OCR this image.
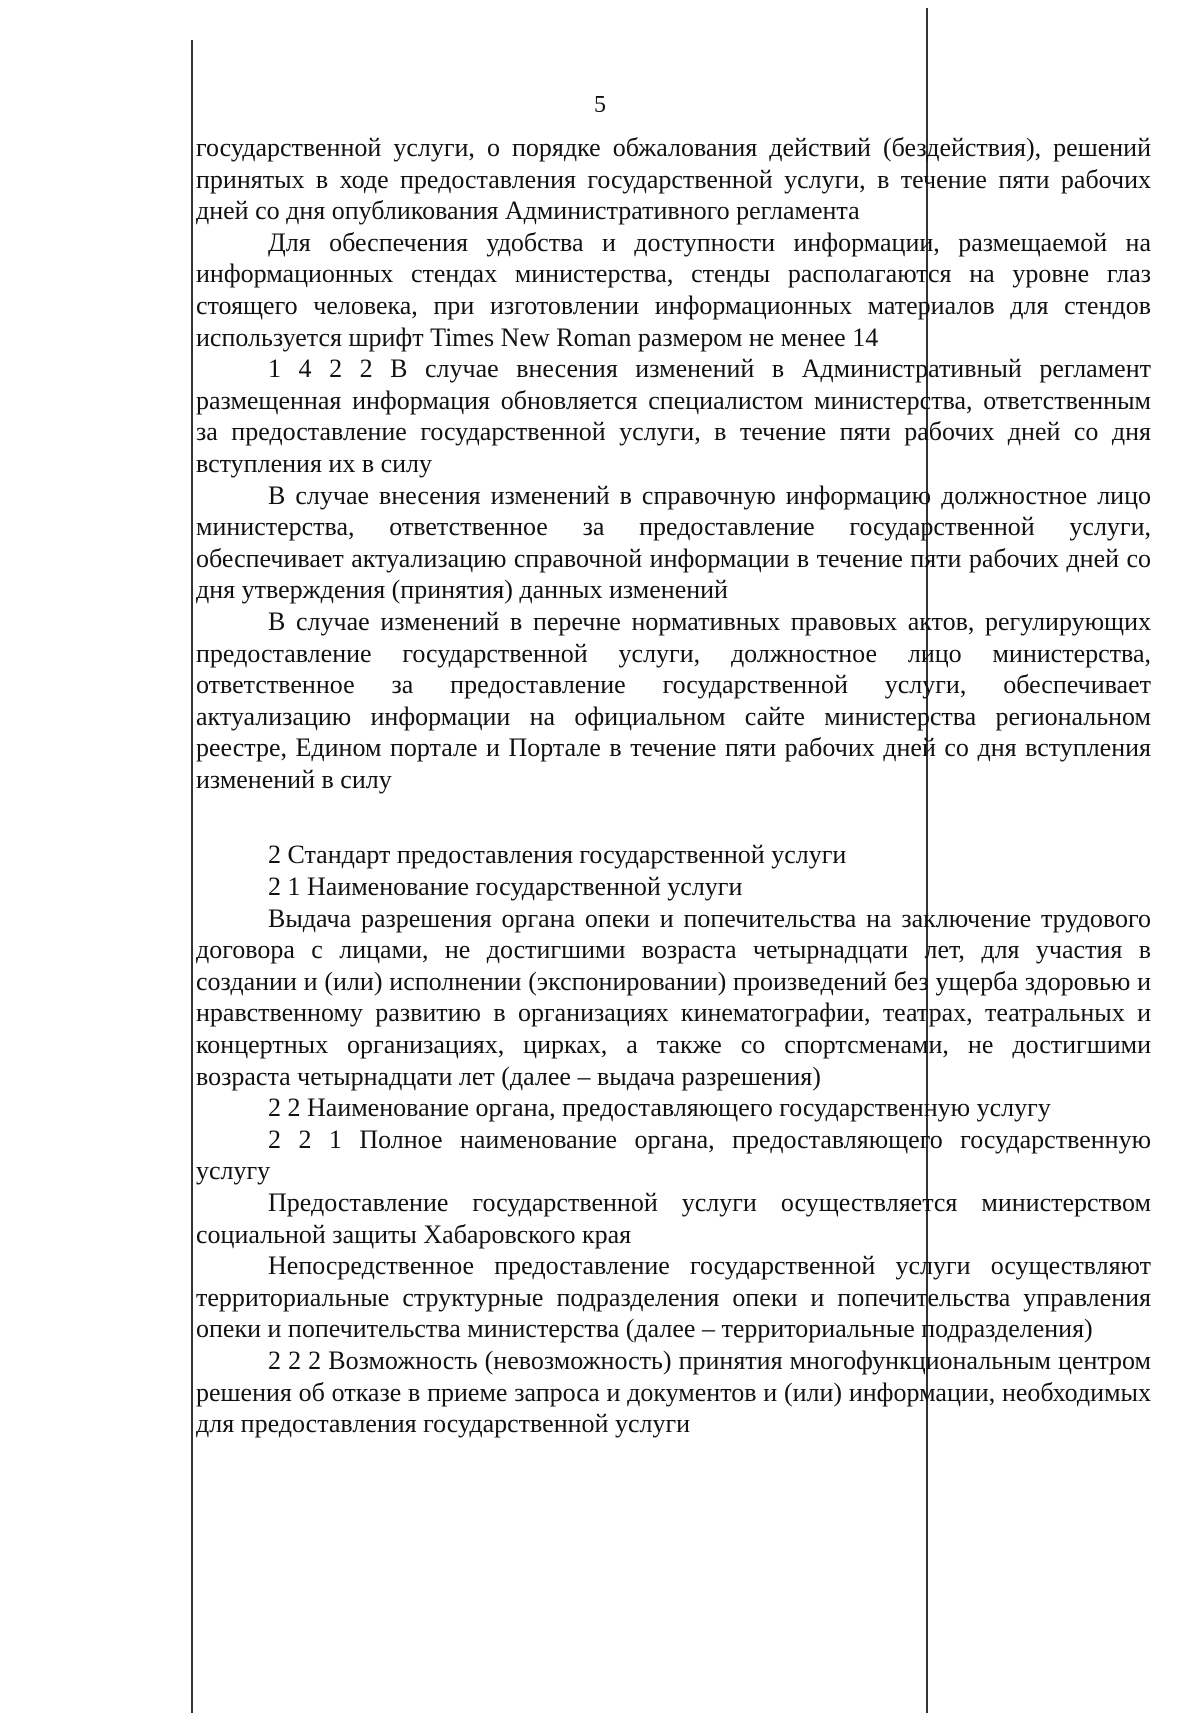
5

государственной услуги, о порядке обжалования действий (бездействия), решений принятых в ходе предоставления государственной услуги, в течение пяти рабочих дней со дня опубликования Административного регламента

Для обеспечения удобства и доступности информации, размещаемой на информационных стендах министерства, стенды располагаются на уровне глаз стоящего человека, при изготовлении информационных материалов для стендов используется шрифт Times New Roman размером не менее 14

1 4 2 2 В случае внесения изменений в Административный регламент размещенная информация обновляется специалистом министерства, ответственным за предоставление государственной услуги, в течение пяти рабочих дней со дня вступления их в силу

В случае внесения изменений в справочную информацию должностное лицо министерства, ответственное за предоставление государственной услуги, обеспечивает актуализацию справочной информации в течение пяти рабочих дней со дня утверждения (принятия) данных изменений

В случае изменений в перечне нормативных правовых актов, регулирующих предоставление государственной услуги, должностное лицо министерства, ответственное за предоставление государственной услуги, обеспечивает актуализацию информации на официальном сайте министерства региональном реестре, Едином портале и Портале в течение пяти рабочих дней со дня вступления изменений в силу

2 Стандарт предоставления государственной услуги

2 1 Наименование государственной услуги

Выдача разрешения органа опеки и попечительства на заключение трудового договора с лицами, не достигшими возраста четырнадцати лет, для участия в создании и (или) исполнении (экспонировании) произведений без ущерба здоровью и нравственному развитию в организациях кинематографии, театрах, театральных и концертных организациях, цирках, а также со спортсменами, не достигшими возраста четырнадцати лет (далее – выдача разрешения)

2 2 Наименование органа, предоставляющего государственную услугу

2 2 1 Полное наименование органа, предоставляющего государственную услугу

Предоставление государственной услуги осуществляется министерством социальной защиты Хабаровского края

Непосредственное предоставление государственной услуги осуществляют территориальные структурные подразделения опеки и попечительства управления опеки и попечительства министерства (далее – территориальные подразделения)

2 2 2 Возможность (невозможность) принятия многофункциональным центром решения об отказе в приеме запроса и документов и (или) информации, необходимых для предоставления государственной услуги
